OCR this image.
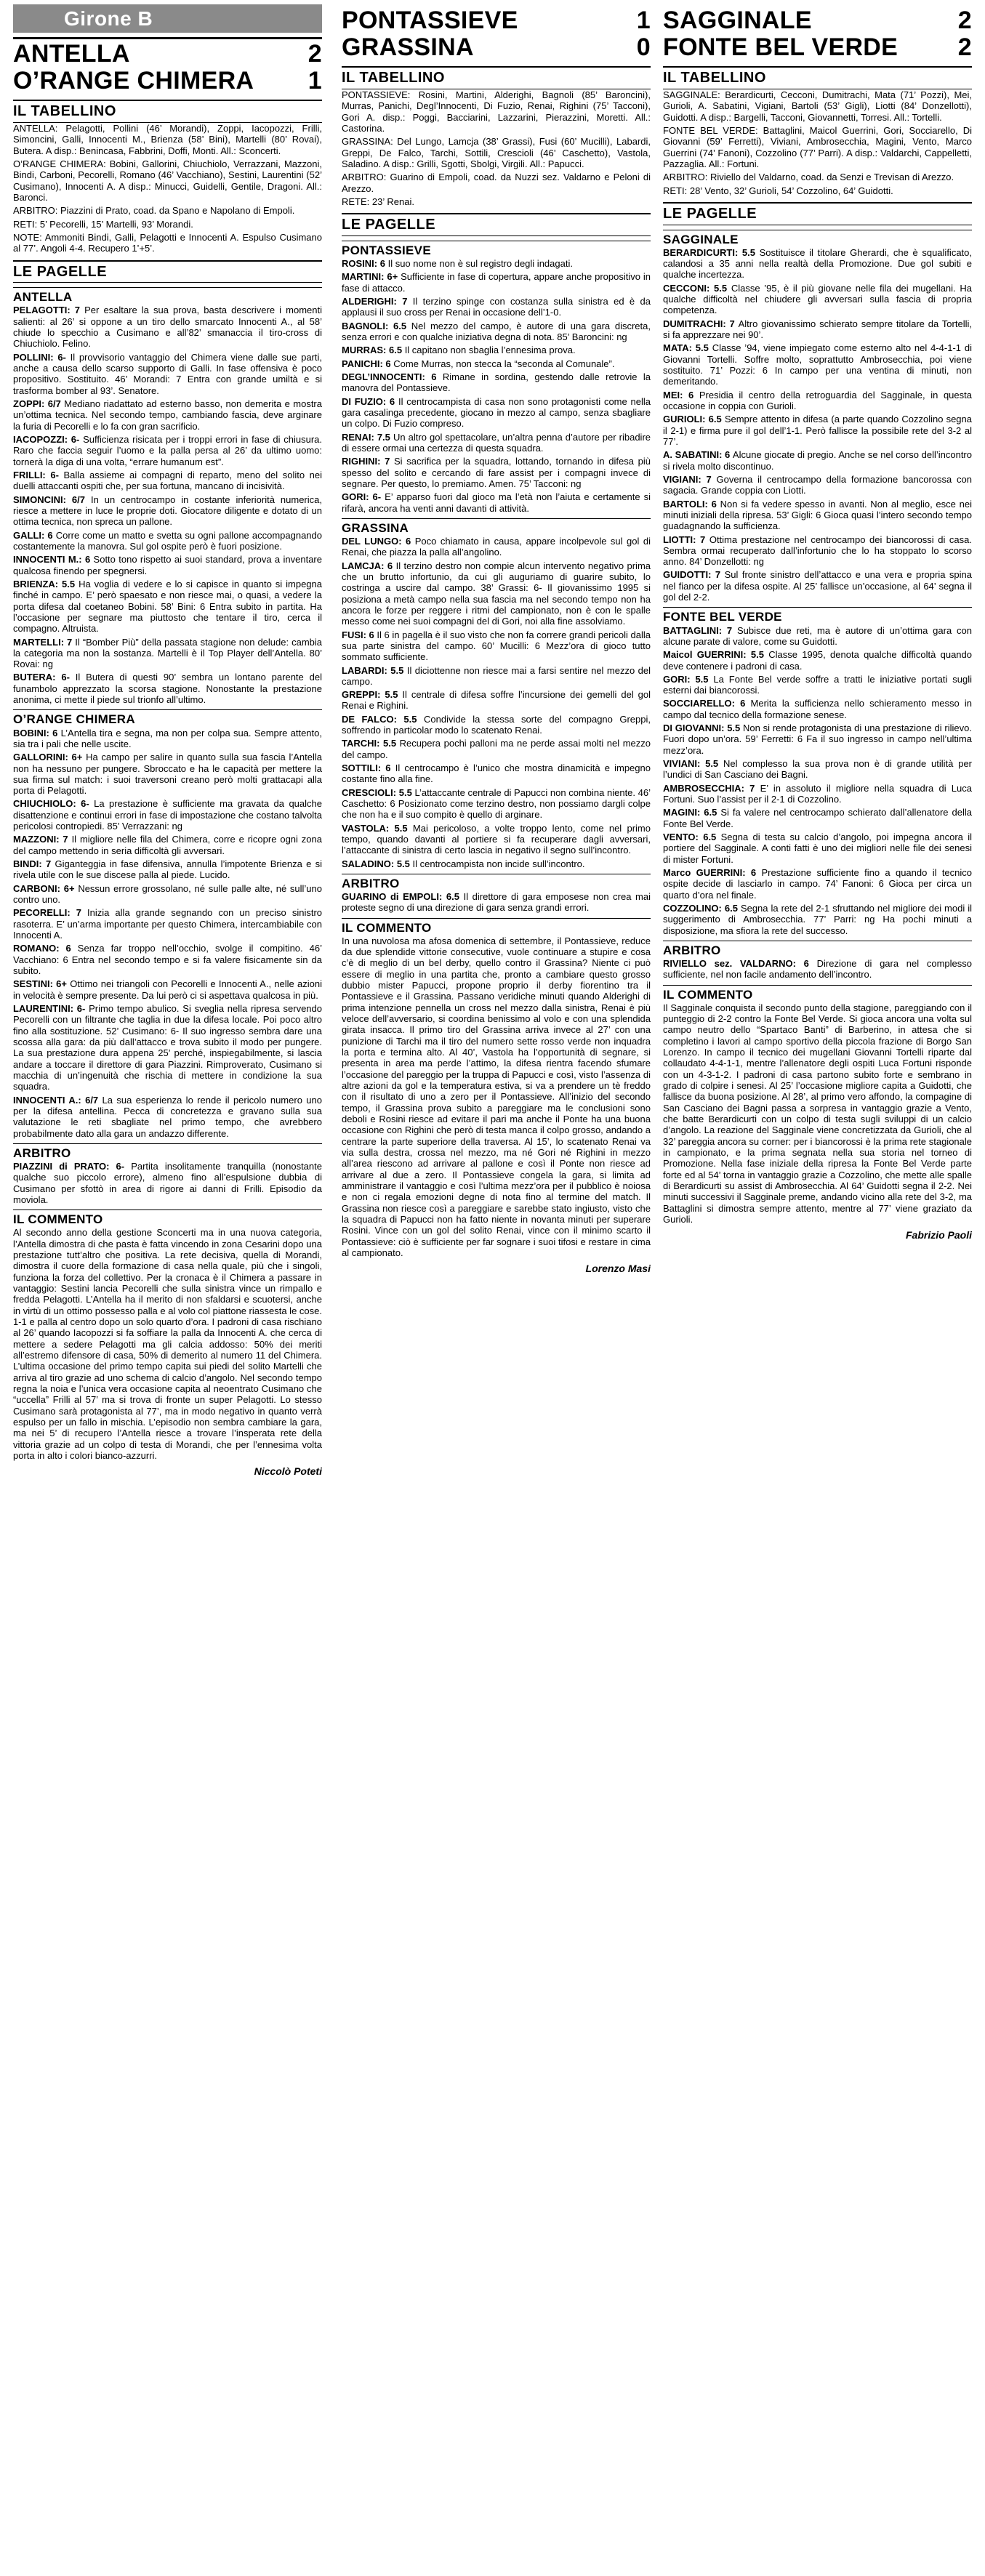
Girone B
ANTELLA	2
O’RANGE CHIMERA 1
IL TABELLINO

ANTELLA: Pelagotti, Pollini (46’ Morandi), Zoppi, Iacopozzi, Frilli, Simoncini, Galli, Innocenti M., Brienza (58’ Bini), Martelli (80’ Rovai), Butera. A disp.: Benincasa, Fabbrini, Doffi, Monti. All.: Sconcerti.

O’RANGE CHIMERA: Bobini, Gallorini, Chiuchiolo, Verrazzani, Mazzoni, Bindi, Carboni, Pecorelli, Romano (46’ Vacchiano), Sestini, Laurentini (52’ Cusimano), Innocenti A. A disp.: Minucci, Guidelli, Gentile, Dragoni. All.: Baronci.

ARBITRO: Piazzini di Prato, coad. da Spano e Napolano di Empoli.

RETI: 5’ Pecorelli, 15’ Martelli, 93’ Morandi.

NOTE: Ammoniti Bindi, Galli, Pelagotti e Innocenti A. Espulso Cusimano al 77’. Angoli 4-4. Recupero 1’+5’.

LE PAGELLE
ANTELLA

PELAGOTTI: 7 Per esaltare la sua prova, basta descrivere i momenti salienti: al 26’ si oppone a un tiro dello smarcato Innocenti A., al 58’ chiude lo specchio a Cusimano e all’82’ smanaccia il tiro-cross di Chiuchiolo. Felino.

POLLINI: 6- Il provvisorio vantaggio del Chimera viene dalle sue parti, anche a causa dello scarso supporto di Galli. In fase offensiva è poco propositivo. Sostituito. 46’ Morandi: 7 Entra con grande umiltà e si trasforma bomber al 93’. Senatore.

ZOPPI: 6/7 Mediano riadattato ad esterno basso, non demerita e mostra un’ottima tecnica. Nel secondo tempo, cambiando fascia, deve arginare la furia di Pecorelli e lo fa con gran sacrificio.

IACOPOZZI: 6- Sufficienza risicata per i troppi errori in fase di chiusura. Raro che faccia seguir l’uomo e la palla persa al 26’ da ultimo uomo: tornerà la diga di una volta, “errare humanum est”.

FRILLI: 6- Balla assieme ai compagni di reparto, meno del solito nei duelli attaccanti ospiti che, per sua fortuna, mancano di incisività.

SIMONCINI: 6/7 In un centrocampo in costante inferiorità numerica, riesce a mettere in luce le proprie doti. Giocatore diligente e dotato di un ottima tecnica, non spreca un pallone.

GALLI: 6 Corre come un matto e svetta su ogni pallone accompagnando costantemente la manovra. Sul gol ospite però è fuori posizione.

INNOCENTI M.: 6 Sotto tono rispetto ai suoi standard, prova a inventare qualcosa finendo per spegnersi.

BRIENZA: 5.5 Ha voglia di vedere e lo si capisce in quanto si impegna finché in campo. E’ però spaesato e non riesce mai, o quasi, a vedere la porta difesa dal coetaneo Bobini. 58’ Bini: 6 Entra subito in partita. Ha l’occasione per segnare ma piuttosto che tentare il tiro, cerca il compagno. Altruista.

MARTELLI: 7 Il “Bomber Più” della passata stagione non delude: cambia la categoria ma non la sostanza. Martelli è il Top Player dell’Antella. 80’ Rovai: ng

BUTERA: 6- Il Butera di questi 90’ sembra un lontano parente del funambolo apprezzato la scorsa stagione. Nonostante la prestazione anonima, ci mette il piede sul trionfo all’ultimo.

O’RANGE CHIMERA

BOBINI: 6 L’Antella tira e segna, ma non per colpa sua. Sempre attento, sia tra i pali che nelle uscite.

GALLORINI: 6+ Ha campo per salire in quanto sulla sua fascia l’Antella non ha nessuno per pungere. Sbroccato e ha le capacità per mettere la sua firma sul match: i suoi traversoni creano però molti grattacapi alla porta di Pelagotti.

CHIUCHIOLO: 6- La prestazione è sufficiente ma gravata da qualche disattenzione e continui errori in fase di impostazione che costano talvolta pericolosi contropiedi. 85’ Verrazzani: ng

MAZZONI: 7 Il migliore nelle fila del Chimera, corre e ricopre ogni zona del campo mettendo in seria difficoltà gli avversari.

BINDI: 7 Giganteggia in fase difensiva, annulla l’impotente Brienza e si rivela utile con le sue discese palla al piede. Lucido.

CARBONI: 6+ Nessun errore grossolano, né sulle palle alte, né sull’uno contro uno.

PECORELLI: 7 Inizia alla grande segnando con un preciso sinistro rasoterra. E’ un’arma importante per questo Chimera, intercambiabile con Innocenti A.

ROMANO: 6 Senza far troppo nell’occhio, svolge il compitino. 46’ Vacchiano: 6 Entra nel secondo tempo e si fa valere fisicamente sin da subito.

SESTINI: 6+ Ottimo nei triangoli con Pecorelli e Innocenti A., nelle azioni in velocità è sempre presente. Da lui però ci si aspettava qualcosa in più.

LAURENTINI: 6- Primo tempo abulico. Si sveglia nella ripresa servendo Pecorelli con un filtrante che taglia in due la difesa locale. Poi poco altro fino alla sostituzione. 52’ Cusimano: 6- Il suo ingresso sembra dare una scossa alla gara: da più dall’attacco e trova subito il modo per pungere. La sua prestazione dura appena 25’ perché, inspiegabilmente, si lascia andare a toccare il direttore di gara Piazzini. Rimproverato, Cusimano si macchia di un’ingenuità che rischia di mettere in condizione la sua squadra.

INNOCENTI A.: 6/7 La sua esperienza lo rende il pericolo numero uno per la difesa antellina. Pecca di concretezza e gravano sulla sua valutazione le reti sbagliate nel primo tempo, che avrebbero probabilmente dato alla gara un andazzo differente.

ARBITRO

PIAZZINI di PRATO: 6- Partita insolitamente tranquilla (nonostante qualche suo piccolo errore), almeno fino all’espulsione dubbia di Cusimano per sfottò in area di rigore ai danni di Frilli. Episodio da moviola.

IL COMMENTO

Al secondo anno della gestione Sconcerti ma in una nuova categoria, l’Antella dimostra di che pasta è fatta vincendo in zona Cesarini dopo una prestazione tutt’altro che positiva. La rete decisiva, quella di Morandi, dimostra il cuore della formazione di casa nella quale, più che i singoli, funziona la forza del collettivo. Per la cronaca è il Chimera a passare in vantaggio: Sestini lancia Pecorelli che sulla sinistra vince un rimpallo e fredda Pelagotti. L’Antella ha il merito di non sfaldarsi e scuotersi, anche in virtù di un ottimo possesso palla e al volo col piattone riassesta le cose. 1-1 e palla al centro dopo un solo quarto d’ora. I padroni di casa rischiano al 26’ quando Iacopozzi si fa soffiare la palla da Innocenti A. che cerca di mettere a sedere Pelagotti ma gli calcia addosso: 50% dei meriti all’estremo difensore di casa, 50% di demerito al numero 11 del Chimera. L’ultima occasione del primo tempo capita sui piedi del solito Martelli che arriva al tiro grazie ad uno schema di calcio d’angolo. Nel secondo tempo regna la noia e l’unica vera occasione capita al neoentrato Cusimano che “uccella” Frilli al 57’ ma si trova di fronte un super Pelagotti. Lo stesso Cusimano sarà protagonista al 77’, ma in modo negativo in quanto verrà espulso per un fallo in mischia. L’episodio non sembra cambiare la gara, ma nei 5’ di recupero l’Antella riesce a trovare l’insperata rete della vittoria grazie ad un colpo di testa di Morandi, che per l’ennesima volta porta in alto i colori bianco-azzurri.

Niccolò Poteti
PONTASSIEVE	1
GRASSINA	0
IL TABELLINO

PONTASSIEVE: Rosini, Martini, Alderighi, Bagnoli (85’ Baroncini), Murras, Panichi, Degl’Innocenti, Di Fuzio, Renai, Righini (75’ Tacconi), Gori A. disp.: Poggi, Bacciarini, Lazzarini, Pierazzini, Moretti. All.: Castorina.

GRASSINA: Del Lungo, Lamcja (38’ Grassi), Fusi (60’ Mucilli), Labardi, Greppi, De Falco, Tarchi, Sottili, Crescioli (46’ Caschetto), Vastola, Saladino. A disp.: Grilli, Sgotti, Sbolgi, Virgili. All.: Papucci.

ARBITRO: Guarino di Empoli, coad. da Nuzzi sez. Valdarno e Peloni di Arezzo.

RETE: 23’ Renai.

LE PAGELLE
PONTASSIEVE

ROSINI: 6 Il suo nome non è sul registro degli indagati.

MARTINI: 6+ Sufficiente in fase di copertura, appare anche propositivo in fase di attacco.

ALDERIGHI: 7 Il terzino spinge con costanza sulla sinistra ed è da applausi il suo cross per Renai in occasione dell’1-0.

BAGNOLI: 6.5 Nel mezzo del campo, è autore di una gara discreta, senza errori e con qualche iniziativa degna di nota. 85’ Baroncini: ng

MURRAS: 6.5 Il capitano non sbaglia l’ennesima prova.

PANICHI: 6 Come Murras, non stecca la “seconda al Comunale”.

DEGL’INNOCENTI: 6 Rimane in sordina, gestendo dalle retrovie la manovra del Pontassieve.

DI FUZIO: 6 Il centrocampista di casa non sono protagonisti come nella gara casalinga precedente, giocano in mezzo al campo, senza sbagliare un colpo. Di Fuzio compreso.

RENAI: 7.5 Un altro gol spettacolare, un’altra penna d’autore per ribadire di essere ormai una certezza di questa squadra.

RIGHINI: 7 Si sacrifica per la squadra, lottando, tornando in difesa più spesso del solito e cercando di fare assist per i compagni invece di segnare. Per questo, lo premiamo. Amen. 75’ Tacconi: ng

GORI: 6- E’ apparso fuori dal gioco ma l’età non l’aiuta e certamente si rifarà, ancora ha venti anni davanti di attività.

GRASSINA

DEL LUNGO: 6 Poco chiamato in causa, appare incolpevole sul gol di Renai, che piazza la palla all’angolino.

LAMCJA: 6 Il terzino destro non compie alcun intervento negativo prima che un brutto infortunio, da cui gli auguriamo di guarire subito, lo costringa a uscire dal campo. 38’ Grassi: 6- Il giovanissimo 1995 si posiziona a metà campo nella sua fascia ma nel secondo tempo non ha ancora le forze per reggere i ritmi del campionato, non è con le spalle messo come nei suoi compagni del di Gori, noi alla fine assolviamo.

FUSI: 6 Il 6 in pagella è il suo visto che non fa correre grandi pericoli dalla sua parte sinistra del campo. 60’ Mucilli: 6 Mezz’ora di gioco tutto sommato sufficiente.

LABARDI: 5.5 Il diciottenne non riesce mai a farsi sentire nel mezzo del campo.

GREPPI: 5.5 Il centrale di difesa soffre l’incursione dei gemelli del gol Renai e Righini.

DE FALCO: 5.5 Condivide la stessa sorte del compagno Greppi, soffrendo in particolar modo lo scatenato Renai.

TARCHI: 5.5 Recupera pochi palloni ma ne perde assai molti nel mezzo del campo.

SOTTILI: 6 Il centrocampo è l’unico che mostra dinamicità e impegno costante fino alla fine.

CRESCIOLI: 5.5 L’attaccante centrale di Papucci non combina niente. 46’ Caschetto: 6 Posizionato come terzino destro, non possiamo dargli colpe che non ha e il suo compito è quello di arginare.

VASTOLA: 5.5 Mai pericoloso, a volte troppo lento, come nel primo tempo, quando davanti al portiere si fa recuperare dagli avversari, l’attaccante di sinistra di certo lascia in negativo il segno sull’incontro.

SALADINO: 5.5 Il centrocampista non incide sull’incontro.

ARBITRO

GUARINO di EMPOLI: 6.5 Il direttore di gara emposese non crea mai proteste segno di una direzione di gara senza grandi errori.

IL COMMENTO

In una nuvolosa ma afosa domenica di settembre, il Pontassieve, reduce da due splendide vittorie consecutive, vuole continuare a stupire e cosa c’è di meglio di un bel derby, quello contro il Grassina? Niente ci può essere di meglio in una partita che, pronto a cambiare questo grosso dubbio mister Papucci, propone proprio il derby fiorentino tra il Pontassieve e il Grassina. Passano veridiche minuti quando Alderighi di prima intenzione pennella un cross nel mezzo dalla sinistra, Renai è più veloce dell’avversario, si coordina benissimo al volo e con una splendida girata insacca. Il primo tiro del Grassina arriva invece al 27’ con una punizione di Tarchi ma il tiro del numero sette rosso verde non inquadra la porta e termina alto. Al 40’, Vastola ha l’opportunità di segnare, si presenta in area ma perde l’attimo, la difesa rientra facendo sfumare l’occasione del pareggio per la truppa di Papucci e così, visto l’assenza di altre azioni da gol e la temperatura estiva, si va a prendere un tè freddo con il risultato di uno a zero per il Pontassieve. All’inizio del secondo tempo, il Grassina prova subito a pareggiare ma le conclusioni sono deboli e Rosini riesce ad evitare il pari ma anche il Ponte ha una buona occasione con Righini che però di testa manca il colpo grosso, andando a centrare la parte superiore della traversa. Al 15’, lo scatenato Renai va via sulla destra, crossa nel mezzo, ma né Gori né Righini in mezzo all’area riescono ad arrivare al pallone e così il Ponte non riesce ad arrivare al due a zero. Il Pontassieve congela la gara, si limita ad amministrare il vantaggio e così l’ultima mezz’ora per il pubblico è noiosa e non ci regala emozioni degne di nota fino al termine del match. Il Grassina non riesce così a pareggiare e sarebbe stato ingiusto, visto che la squadra di Papucci non ha fatto niente in novanta minuti per superare Rosini. Vince con un gol del solito Renai, vince con il minimo scarto il Pontassieve: ciò è sufficiente per far sognare i suoi tifosi e restare in cima al campionato.

Lorenzo Masi
SAGGINALE	2
FONTE BEL VERDE 2
IL TABELLINO

SAGGINALE: Berardicurti, Cecconi, Dumitrachi, Mata (71’ Pozzi), Mei, Gurioli, A. Sabatini, Vigiani, Bartoli (53’ Gigli), Liotti (84’ Donzellotti), Guidotti. A disp.: Bargelli, Tacconi, Giovannetti, Torresi. All.: Tortelli.

FONTE BEL VERDE: Battaglini, Maicol Guerrini, Gori, Socciarello, Di Giovanni (59’ Ferretti), Viviani, Ambrosecchia, Magini, Vento, Marco Guerrini (74’ Fanoni), Cozzolino (77’ Parri). A disp.: Valdarchi, Cappelletti, Pazzaglia. All.: Fortuni.

ARBITRO: Riviello del Valdarno, coad. da Senzi e Trevisan di Arezzo.

RETI: 28’ Vento, 32’ Gurioli, 54’ Cozzolino, 64’ Guidotti.

LE PAGELLE
SAGGINALE

BERARDICURTI: 5.5 Sostituisce il titolare Gherardi, che è squalificato, calandosi a 35 anni nella realtà della Promozione. Due gol subiti e qualche incertezza.

CECCONI: 5.5 Classe ’95, è il più giovane nelle fila dei mugellani. Ha qualche difficoltà nel chiudere gli avversari sulla fascia di propria competenza.

DUMITRACHI: 7 Altro giovanissimo schierato sempre titolare da Tortelli, si fa apprezzare nei 90’.

MATA: 5.5 Classe ’94, viene impiegato come esterno alto nel 4-4-1-1 di Giovanni Tortelli. Soffre molto, soprattutto Ambrosecchia, poi viene sostituito. 71’ Pozzi: 6 In campo per una ventina di minuti, non demeritando.

MEI: 6 Presidia il centro della retroguardia del Sagginale, in questa occasione in coppia con Gurioli.

GURIOLI: 6.5 Sempre attento in difesa (a parte quando Cozzolino segna il 2-1) e firma pure il gol dell’1-1. Però fallisce la possibile rete del 3-2 al 77’.

A. SABATINI: 6 Alcune giocate di pregio. Anche se nel corso dell’incontro si rivela molto discontinuo.

VIGIANI: 7 Governa il centrocampo della formazione bancorossa con sagacia. Grande coppia con Liotti.

BARTOLI: 6 Non si fa vedere spesso in avanti. Non al meglio, esce nei minuti iniziali della ripresa. 53’ Gigli: 6 Gioca quasi l’intero secondo tempo guadagnando la sufficienza.

LIOTTI: 7 Ottima prestazione nel centrocampo dei biancorossi di casa. Sembra ormai recuperato dall’infortunio che lo ha stoppato lo scorso anno. 84’ Donzellotti: ng

GUIDOTTI: 7 Sul fronte sinistro dell’attacco e una vera e propria spina nel fianco per la difesa ospite. Al 25’ fallisce un’occasione, al 64’ segna il gol del 2-2.

FONTE BEL VERDE

BATTAGLINI: 7 Subisce due reti, ma è autore di un’ottima gara con alcune parate di valore, come su Guidotti.

Maicol GUERRINI: 5.5 Classe 1995, denota qualche difficoltà quando deve contenere i padroni di casa.

GORI: 5.5 La Fonte Bel verde soffre a tratti le iniziative portati sugli esterni dai biancorossi.

SOCCIARELLO: 6 Merita la sufficienza nello schieramento messo in campo dal tecnico della formazione senese.

DI GIOVANNI: 5.5 Non si rende protagonista di una prestazione di rilievo. Fuori dopo un’ora. 59’ Ferretti: 6 Fa il suo ingresso in campo nell’ultima mezz’ora.

VIVIANI: 5.5 Nel complesso la sua prova non è di grande utilità per l’undici di San Casciano dei Bagni.

AMBROSECCHIA: 7 E’ in assoluto il migliore nella squadra di Luca Fortuni. Suo l’assist per il 2-1 di Cozzolino.

MAGINI: 6.5 Si fa valere nel centrocampo schierato dall’allenatore della Fonte Bel Verde.

VENTO: 6.5 Segna di testa su calcio d’angolo, poi impegna ancora il portiere del Sagginale. A conti fatti è uno dei migliori nelle file dei senesi di mister Fortuni.

Marco GUERRINI: 6 Prestazione sufficiente fino a quando il tecnico ospite decide di lasciarlo in campo. 74’ Fanoni: 6 Gioca per circa un quarto d’ora nel finale.

COZZOLINO: 6.5 Segna la rete del 2-1 sfruttando nel migliore dei modi il suggerimento di Ambrosecchia. 77’ Parri: ng Ha pochi minuti a disposizione, ma sfiora la rete del successo.

ARBITRO

RIVIELLO sez. VALDARNO: 6 Direzione di gara nel complesso sufficiente, nel non facile andamento dell’incontro.

IL COMMENTO

Il Sagginale conquista il secondo punto della stagione, pareggiando con il punteggio di 2-2 contro la Fonte Bel Verde. Si gioca ancora una volta sul campo neutro dello “Spartaco Banti” di Barberino, in attesa che si completino i lavori al campo sportivo della piccola frazione di Borgo San Lorenzo. In campo il tecnico dei mugellani Giovanni Tortelli riparte dal collaudato 4-4-1-1, mentre l’allenatore degli ospiti Luca Fortuni risponde con un 4-3-1-2. I padroni di casa partono subito forte e sembrano in grado di colpire i senesi. Al 25’ l’occasione migliore capita a Guidotti, che fallisce da buona posizione. Al 28’, al primo vero affondo, la compagine di San Casciano dei Bagni passa a sorpresa in vantaggio grazie a Vento, che batte Berardicurti con un colpo di testa sugli sviluppi di un calcio d’angolo. La reazione del Sagginale viene concretizzata da Gurioli, che al 32’ pareggia ancora su corner: per i biancorossi è la prima rete stagionale in campionato, e la prima segnata nella sua storia nel torneo di Promozione. Nella fase iniziale della ripresa la Fonte Bel Verde parte forte ed al 54’ torna in vantaggio grazie a Cozzolino, che mette alle spalle di Berardicurti su assist di Ambrosecchia. Al 64’ Guidotti segna il 2-2. Nei minuti successivi il Sagginale preme, andando vicino alla rete del 3-2, ma Battaglini si dimostra sempre attento, mentre al 77’ viene graziato da Gurioli.

Fabrizio Paoli
